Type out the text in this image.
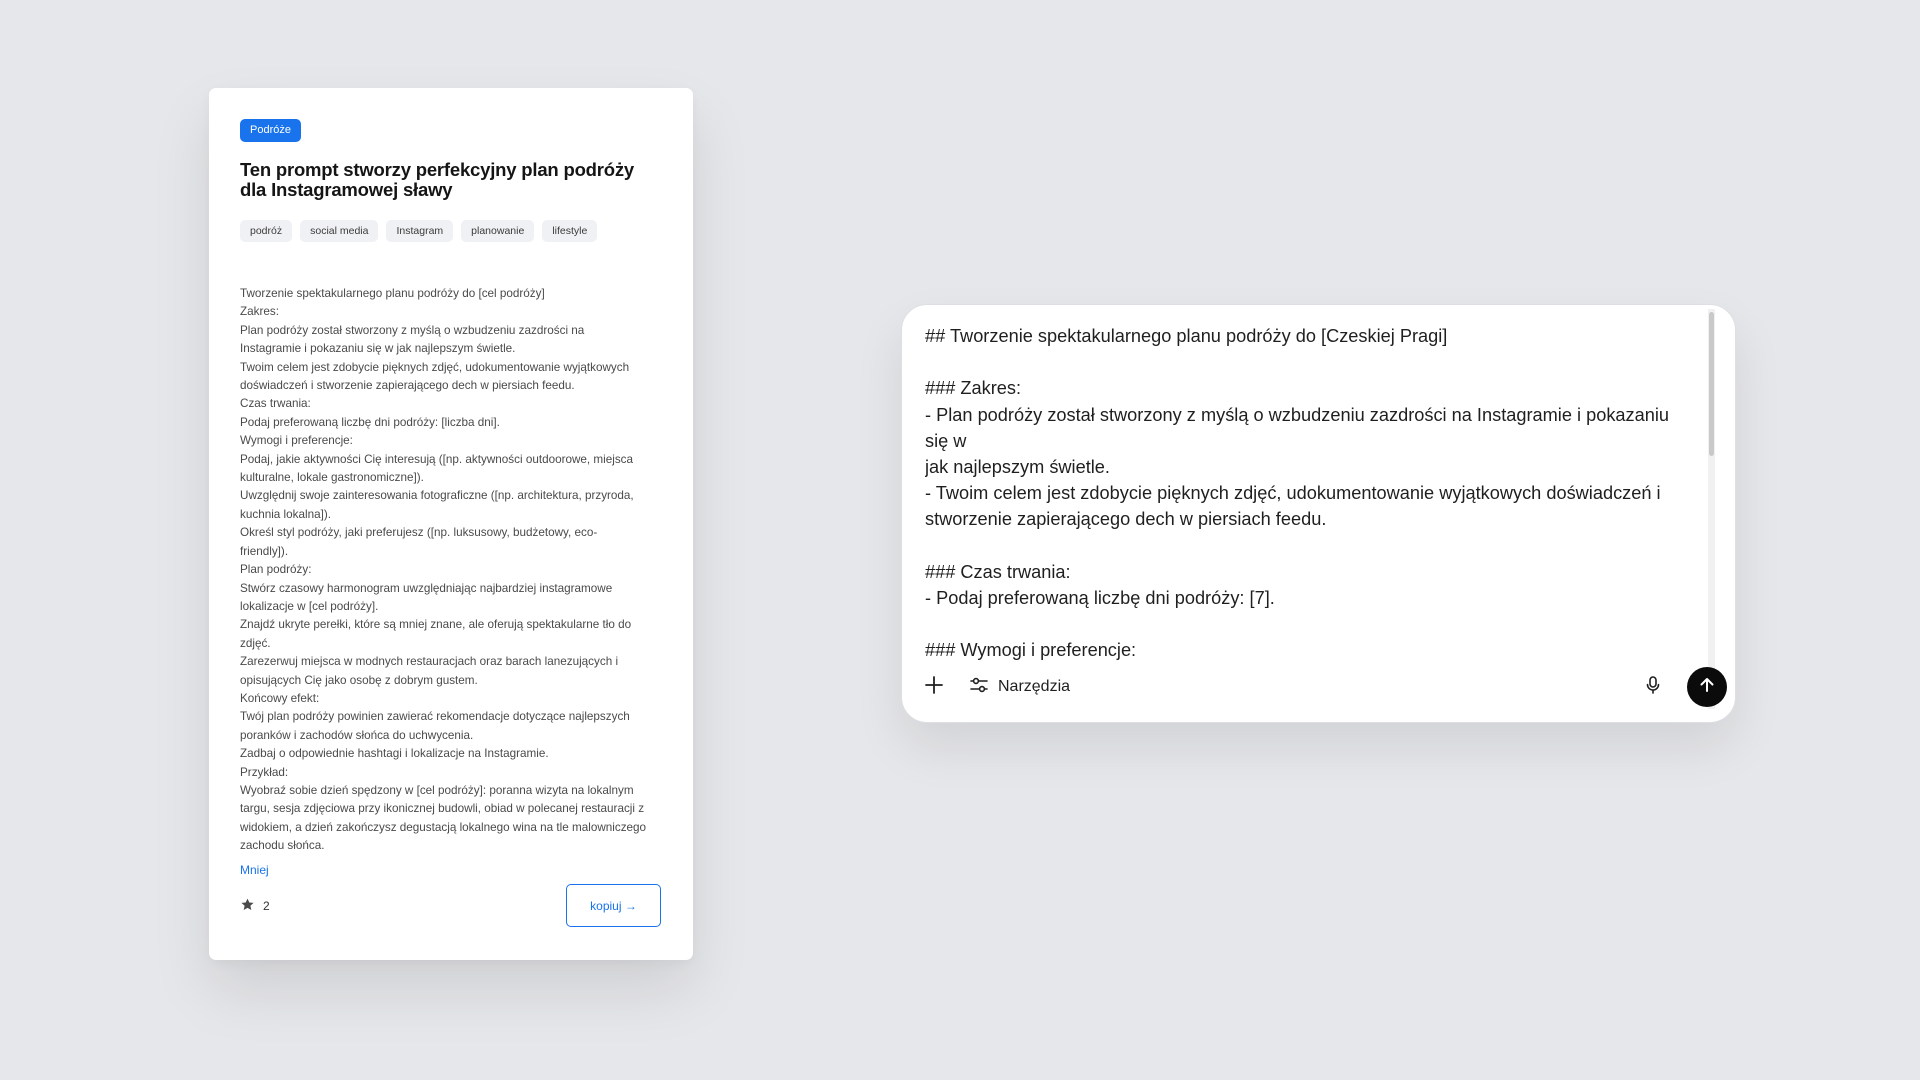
Podróże
Ten prompt stworzy perfekcyjny plan podróży dla Instagramowej sławy
podróż	social media	Instagram	planowanie	lifestyle
Tworzenie spektakularnego planu podróży do [cel podróży]
Zakres:
Plan podróży został stworzony z myślą o wzbudzeniu zazdrości na
Instagramie i pokazaniu się w jak najlepszym świetle.
Twoim celem jest zdobycie pięknych zdjęć, udokumentowanie wyjątkowych
doświadczeń i stworzenie zapierającego dech w piersiach feedu.
Czas trwania:
Podaj preferowaną liczbę dni podróży: [liczba dni].
Wymogi i preferencje:
Podaj, jakie aktywności Cię interesują ([np. aktywności outdoorowe, miejsca
kulturalne, lokale gastronomiczne]).
Uwzględnij swoje zainteresowania fotograficzne ([np. architektura, przyroda,
kuchnia lokalna]).
Określ styl podróży, jaki preferujesz ([np. luksusowy, budżetowy, eco-
friendly]).
Plan podróży:
Stwórz czasowy harmonogram uwzględniając najbardziej instagramowe
lokalizacje w [cel podróży].
Znajdź ukryte perełki, które są mniej znane, ale oferują spektakularne tło do
zdjęć.
Zarezerwuj miejsca w modnych restauracjach oraz barach lanezujących i
opisujących Cię jako osobę z dobrym gustem.
Końcowy efekt:
Twój plan podróży powinien zawierać rekomendacje dotyczące najlepszych
poranków i zachodów słońca do uchwycenia.
Zadbaj o odpowiednie hashtagi i lokalizacje na Instagramie.
Przykład:
Wyobraź sobie dzień spędzony w [cel podróży]: poranna wizyta na lokalnym
targu, sesja zdjęciowa przy ikonicznej budowli, obiad w polecanej restauracji z
widokiem, a dzień zakończysz degustacją lokalnego wina na tle malowniczego
zachodu słońca.
Mniej
2	kopiuj →
## Tworzenie spektakularnego planu podróży do [Czeskiej Pragi]
### Zakres:
- Plan podróży został stworzony z myślą o wzbudzeniu zazdrości na Instagramie i pokazaniu się w
jak najlepszym świetle.
- Twoim celem jest zdobycie pięknych zdjęć, udokumentowanie wyjątkowych doświadczeń i
stworzenie zapierającego dech w piersiach feedu.
### Czas trwania:
- Podaj preferowaną liczbę dni podróży: [7].
### Wymogi i preferencje:
Narzędzia
